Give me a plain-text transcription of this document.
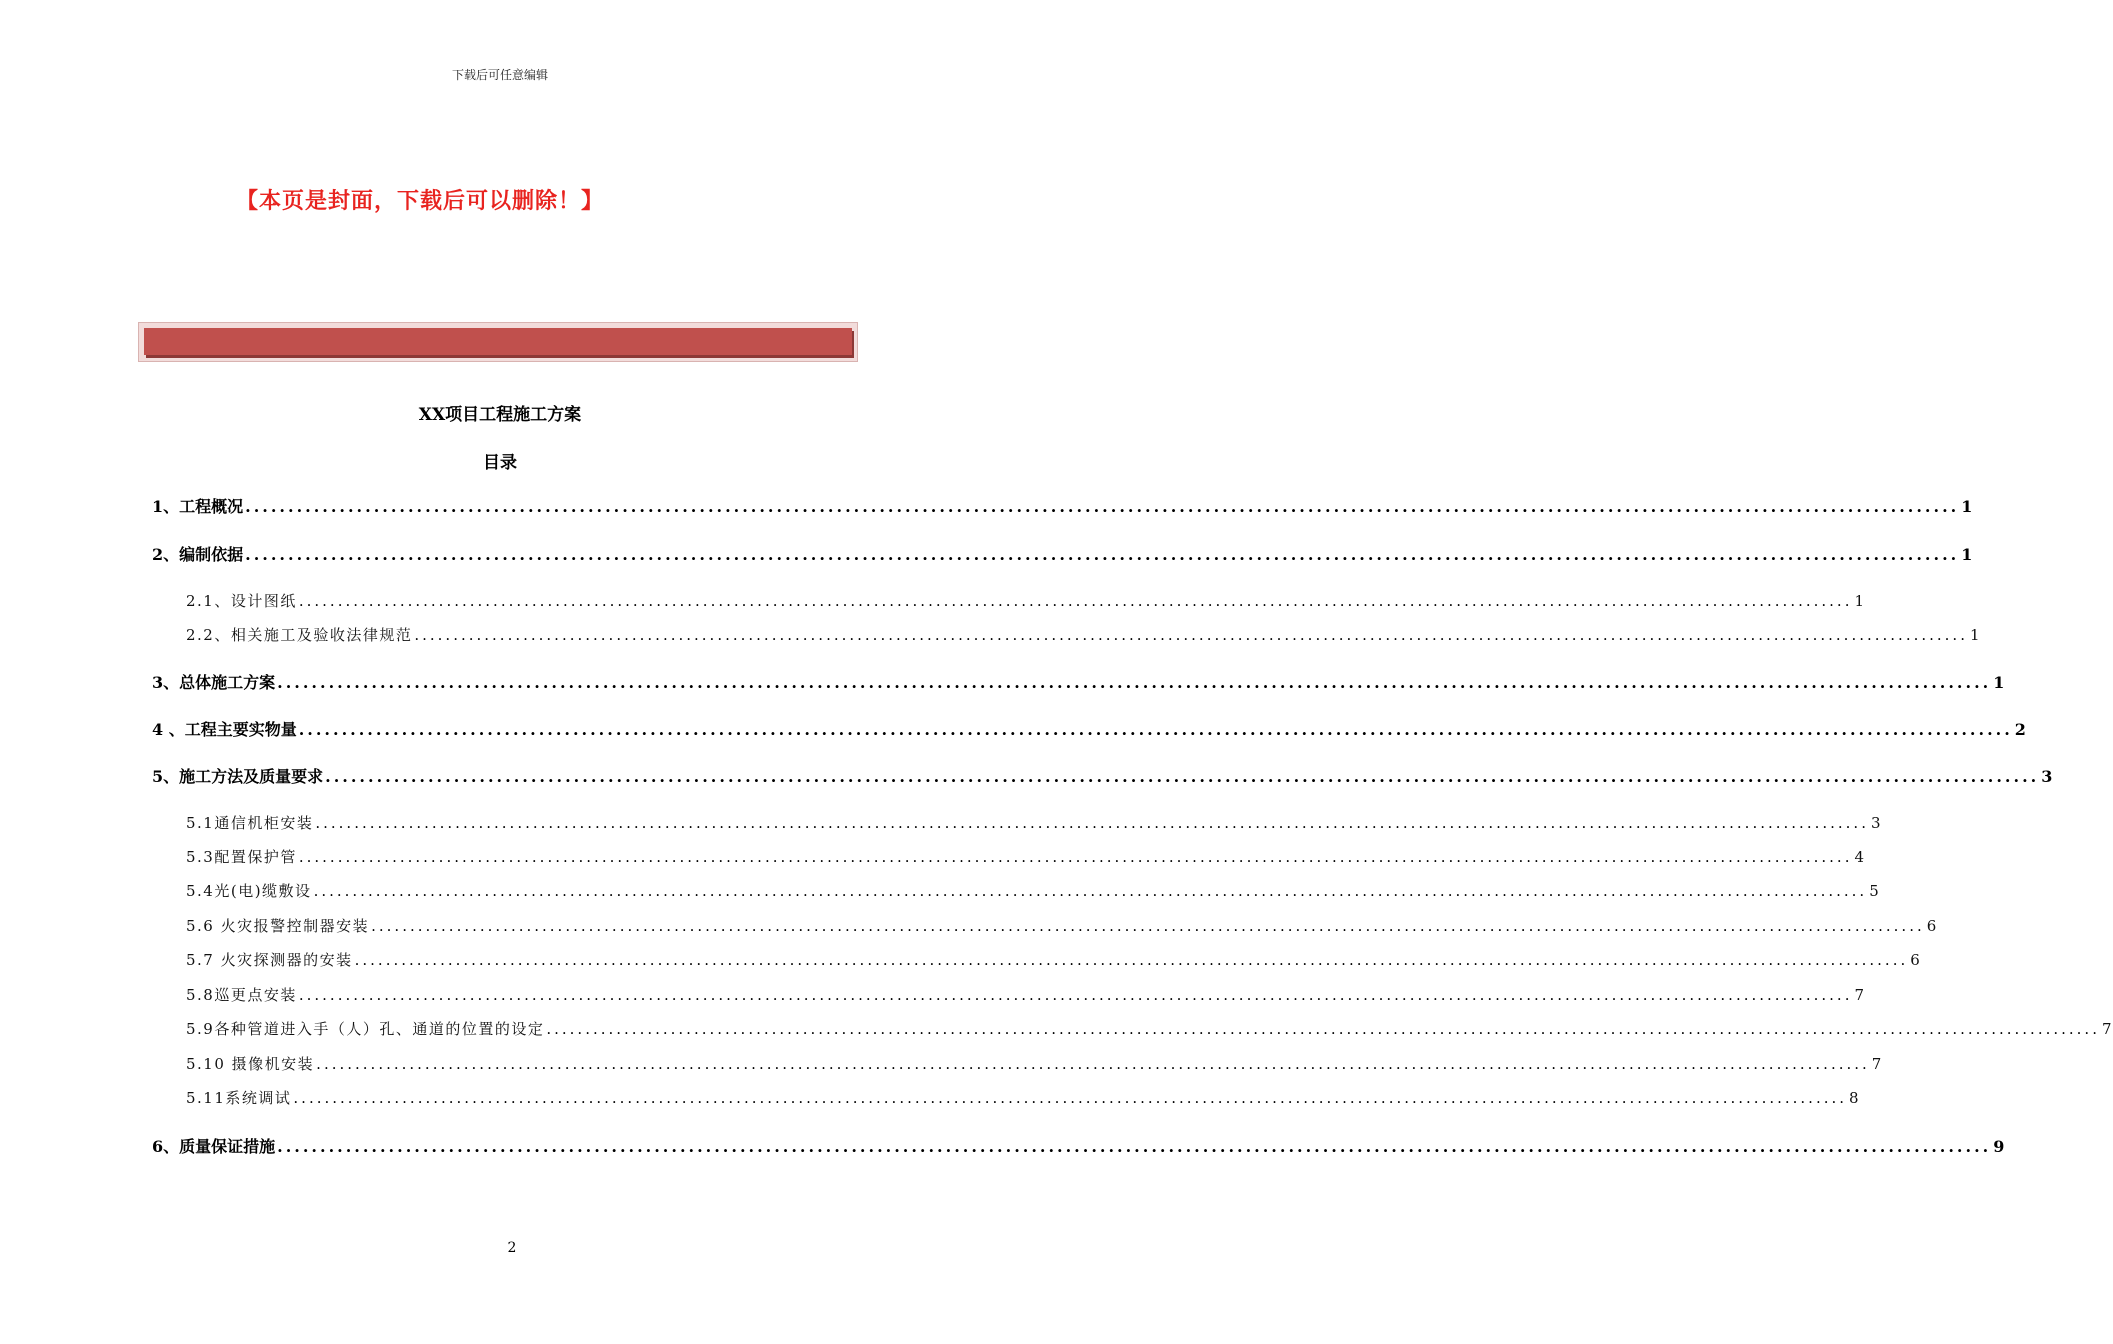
下载后可任意编辑
【本页是封面，下载后可以删除！】
XX项目工程施工方案
目录
1、工程概况 ........................................................................................................................................................................................................ 1
2、编制依据 ........................................................................................................................................................................................................ 1
2.1、设计图纸 ........................................................................................................................................................................................................ 1
2.2、相关施工及验收法律规范 ........................................................................................................................................................................................................ 1
3、总体施工方案 ........................................................................................................................................................................................................ 1
4 、工程主要实物量 ........................................................................................................................................................................................................ 2
5、施工方法及质量要求 ........................................................................................................................................................................................................ 3
5.1通信机柜安装 ........................................................................................................................................................................................................ 3
5.3配置保护管 ........................................................................................................................................................................................................ 4
5.4光(电)缆敷设 ........................................................................................................................................................................................................ 5
5.6 火灾报警控制器安装 ........................................................................................................................................................................................................ 6
5.7 火灾探测器的安装 ........................................................................................................................................................................................................ 6
5.8巡更点安装 ........................................................................................................................................................................................................ 7
5.9各种管道进入手（人）孔、通道的位置的设定 ........................................................................................................................................................................................................ 7
5.10 摄像机安装 ........................................................................................................................................................................................................ 7
5.11系统调试 ........................................................................................................................................................................................................ 8
6、质量保证措施 ........................................................................................................................................................................................................ 9
2
